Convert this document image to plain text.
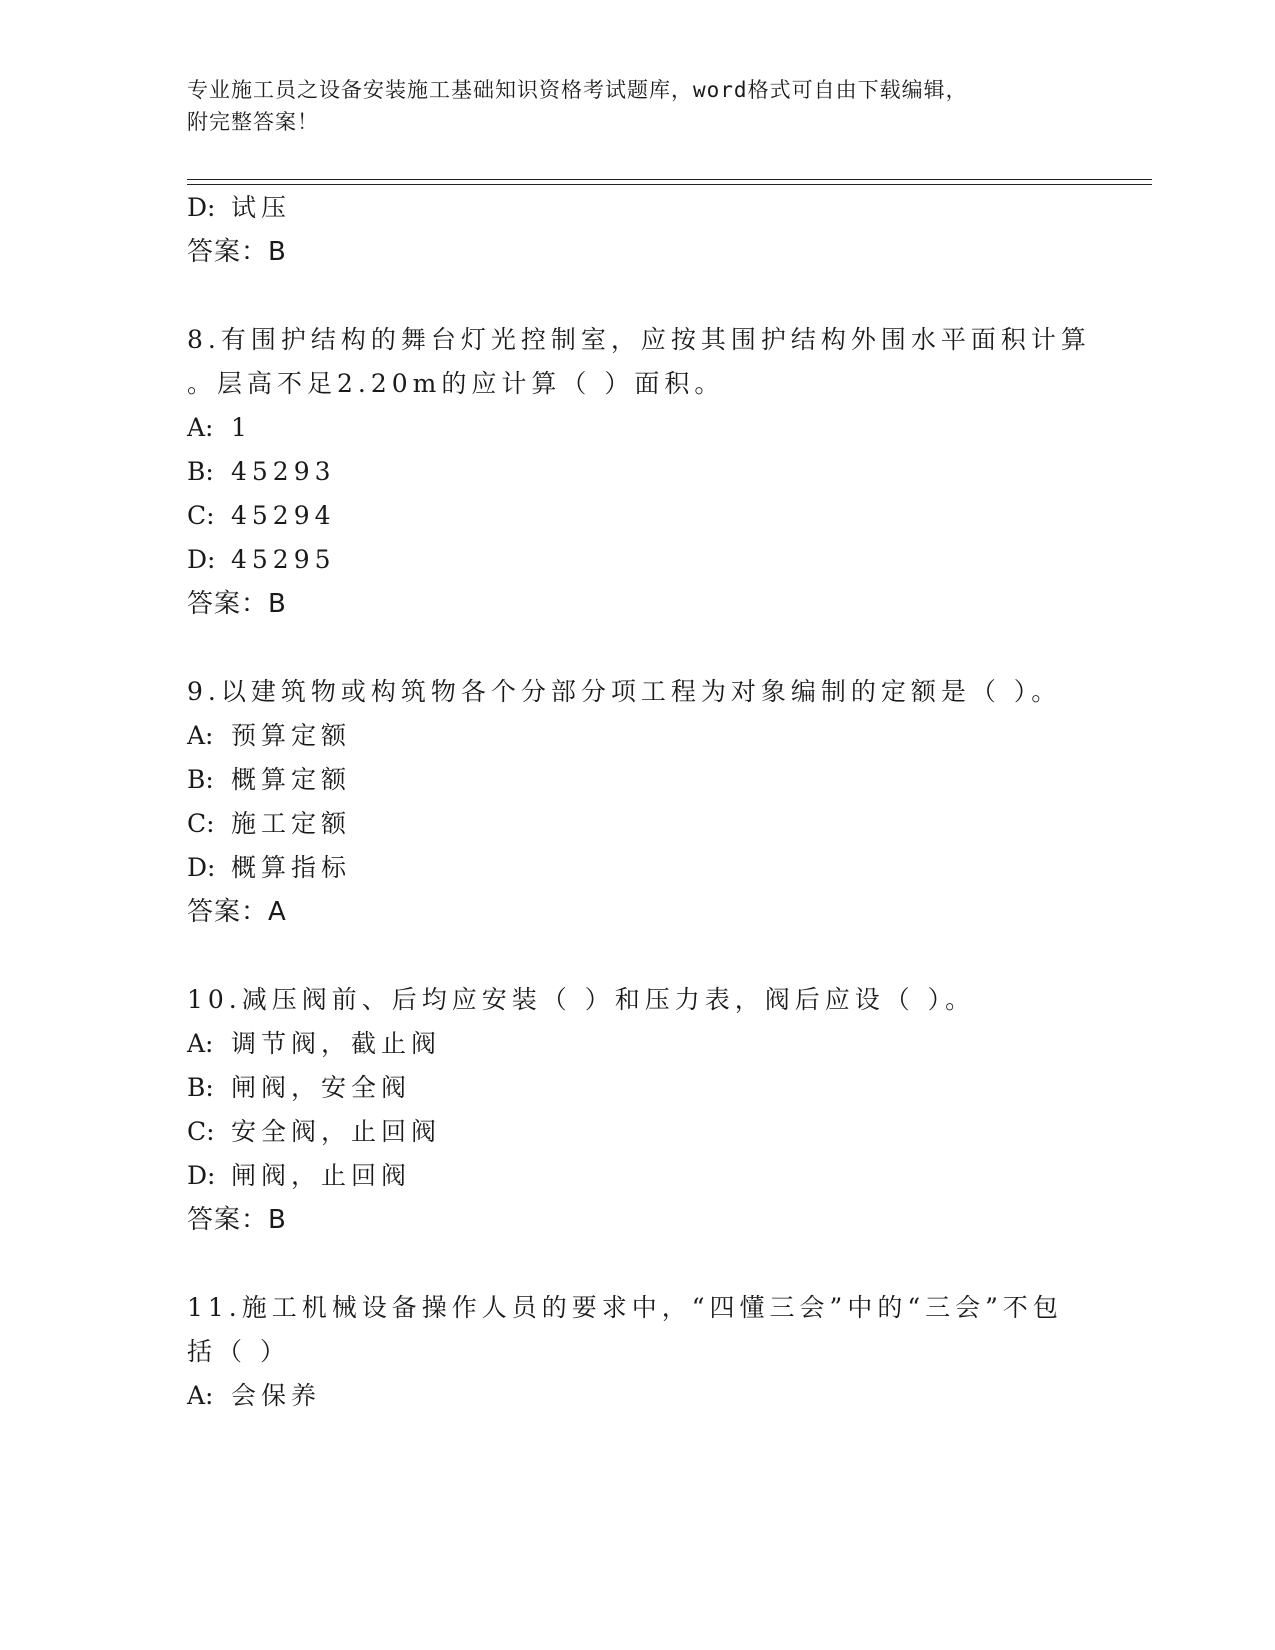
专业施工员之设备安装施工基础知识资格考试题库，word格式可自由下载编辑，
附完整答案！
D: 试压
答案：B
8.有围护结构的舞台灯光控制室，应按其围护结构外围水平面积计算
。层高不足2.20m的应计算（ ）面积。
A: 1
B: 45293
C: 45294
D: 45295
答案：B
9.以建筑物或构筑物各个分部分项工程为对象编制的定额是（ ）。
A: 预算定额
B: 概算定额
C: 施工定额
D: 概算指标
答案：A
10.减压阀前、后均应安装（ ）和压力表，阀后应设（ ）。
A: 调节阀，截止阀
B: 闸阀，安全阀
C: 安全阀，止回阀
D: 闸阀，止回阀
答案：B
11.施工机械设备操作人员的要求中，“四懂三会”中的“三会”不包
括（ ）
A: 会保养
